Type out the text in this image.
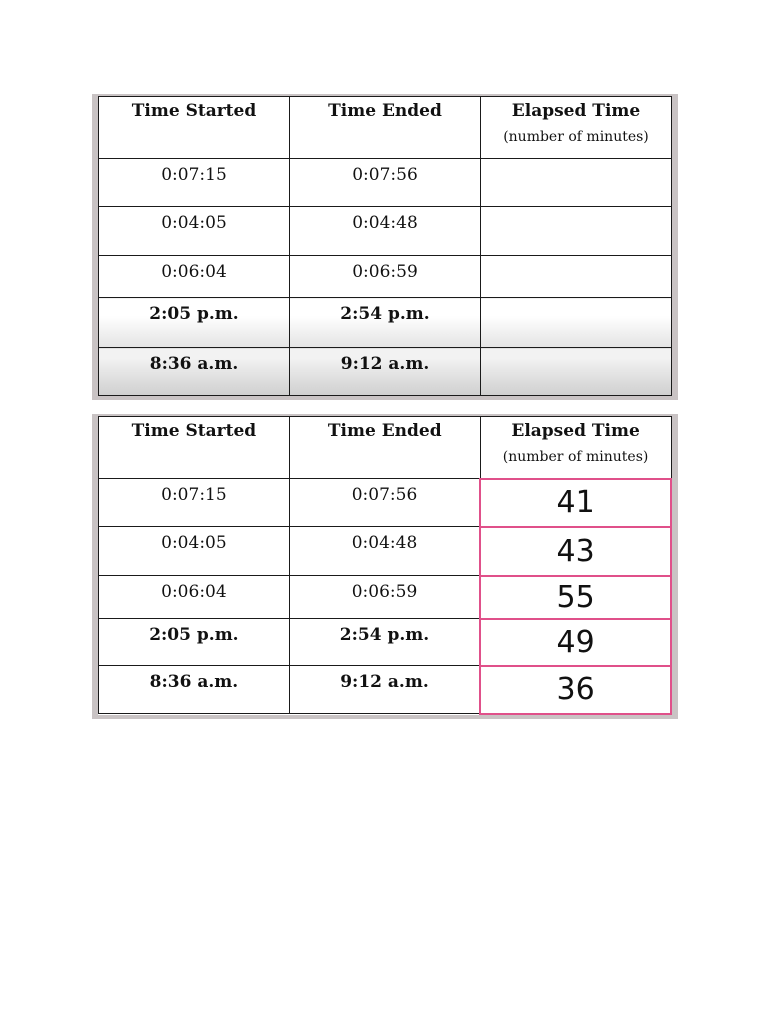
Time Started	Time Ended	Elapsed Time
(number of minutes)

0:07:15	0:07:56	
0:04:05	0:04:48	
0:06:04	0:06:59	
2:05 p.m.	2:54 p.m.	
8:36 a.m.	9:12 a.m.	
Time Started	Time Ended	Elapsed Time
(number of minutes)

0:07:15	0:07:56	41
0:04:05	0:04:48	43
0:06:04	0:06:59	55
2:05 p.m.	2:54 p.m.	49
8:36 a.m.	9:12 a.m.	36
